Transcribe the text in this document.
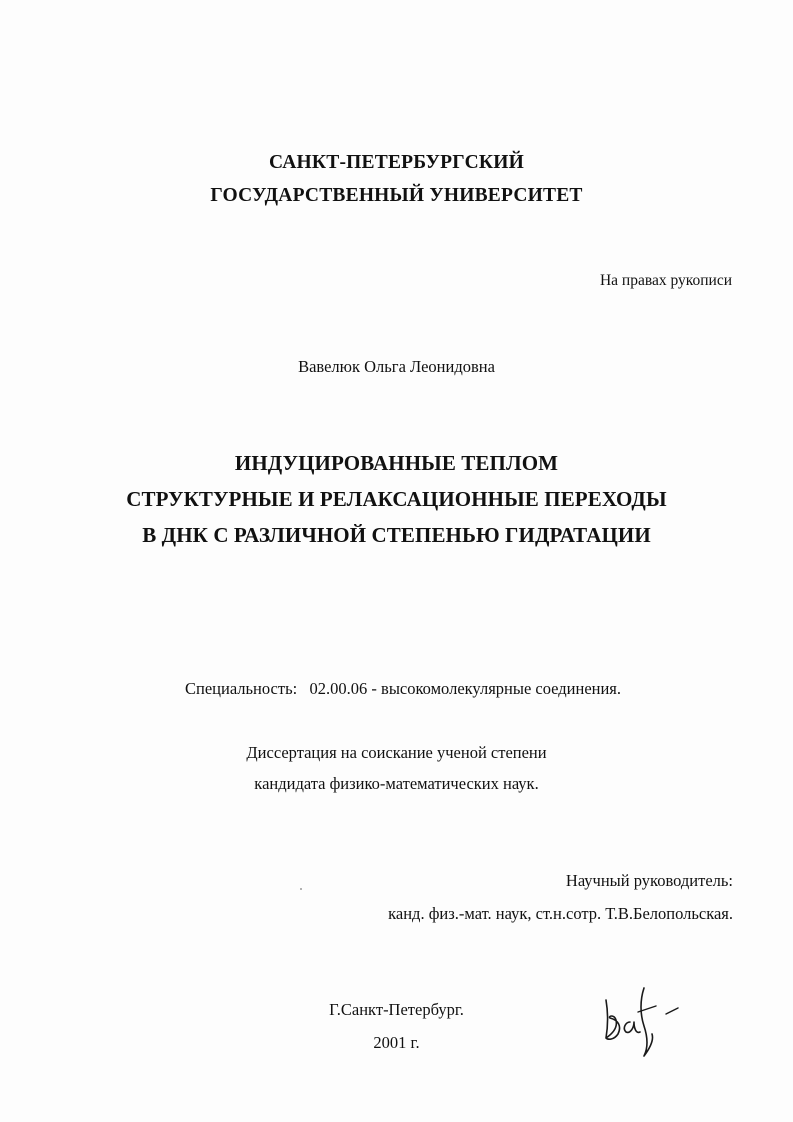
САНКТ-ПЕТЕРБУРГСКИЙ
ГОСУДАРСТВЕННЫЙ УНИВЕРСИТЕТ
На правах рукописи
Вавелюк Ольга Леонидовна
ИНДУЦИРОВАННЫЕ ТЕПЛОМ
СТРУКТУРНЫЕ И РЕЛАКСАЦИОННЫЕ ПЕРЕХОДЫ
В ДНК С РАЗЛИЧНОЙ СТЕПЕНЬЮ ГИДРАТАЦИИ
Специальность:   02.00.06 - высокомолекулярные соединения.
Диссертация на соискание ученой степени
кандидата физико-математических наук.
Научный руководитель:
канд. физ.-мат. наук, ст.н.сотр. Т.В.Белопольская.
Г.Санкт-Петербург.
2001 г.
